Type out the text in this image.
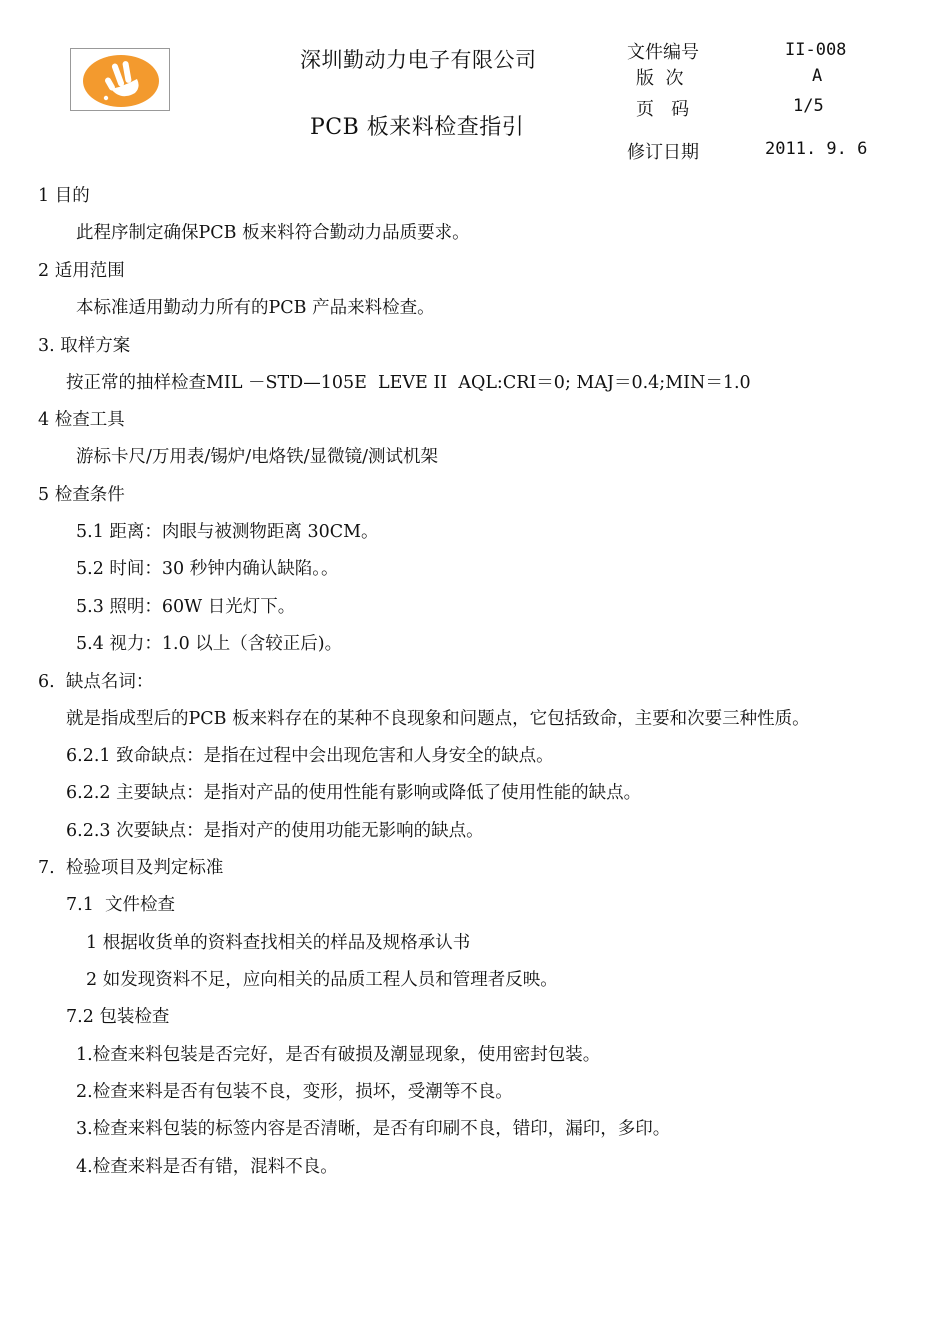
深圳勤动力电子有限公司
PCB 板来料检查指引
文件编号	II-008
版  次	A
页   码	1/5
修订日期	2011. 9. 6
1 目的
此程序制定确保PCB 板来料符合勤动力品质要求。
2 适用范围
本标准适用勤动力所有的PCB 产品来料检查。
3. 取样方案
按正常的抽样检查MIL －STD—105E  LEVE II  AQL:CRI＝0; MAJ＝0.4;MIN＝1.0
4 检查工具
游标卡尺/万用表/锡炉/电烙铁/显微镜/测试机架
5 检查条件
5.1 距离：肉眼与被测物距离 30CM。
5.2 时间：30 秒钟内确认缺陷。。
5.3 照明：60W 日光灯下。
5.4 视力：1.0 以上（含较正后)。
6.  缺点名词：
就是指成型后的PCB 板来料存在的某种不良现象和问题点，它包括致命，主要和次要三种性质。
6.2.1 致命缺点：是指在过程中会出现危害和人身安全的缺点。
6.2.2 主要缺点：是指对产品的使用性能有影响或降低了使用性能的缺点。
6.2.3 次要缺点：是指对产的使用功能无影响的缺点。
7.  检验项目及判定标准
7.1  文件检查
1 根据收货单的资料查找相关的样品及规格承认书
2 如发现资料不足，应向相关的品质工程人员和管理者反映。
7.2 包装检查
1.检查来料包装是否完好，是否有破损及潮显现象，使用密封包装。
2.检查来料是否有包装不良，变形，损坏，受潮等不良。
3.检查来料包装的标签内容是否清晰，是否有印刷不良，错印，漏印，多印。
4.检查来料是否有错，混料不良。
